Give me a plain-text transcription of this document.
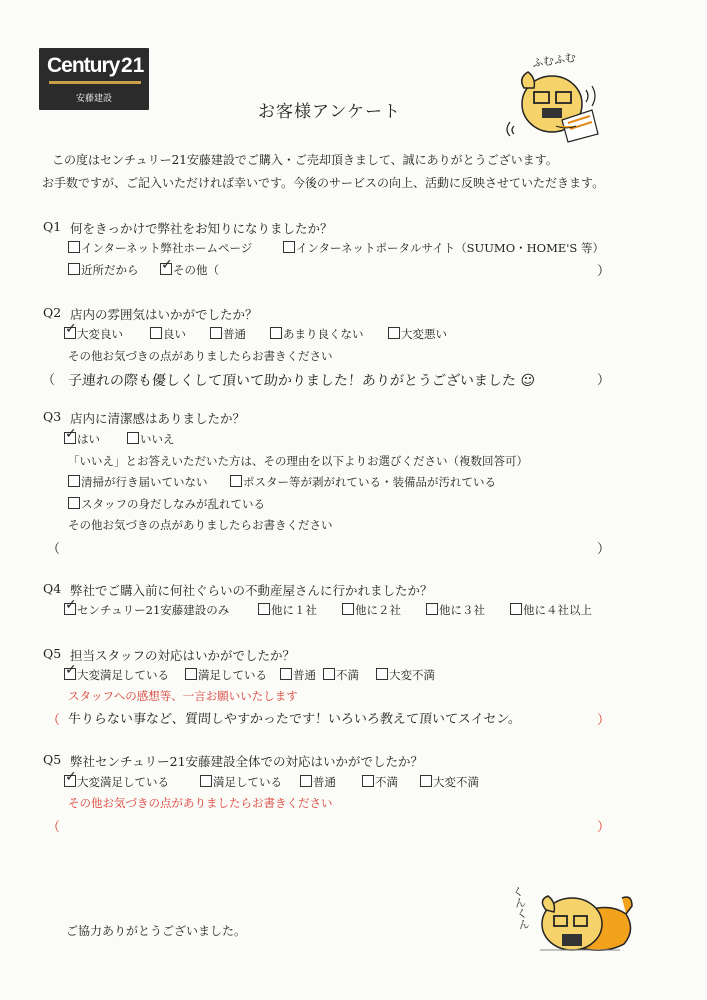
Century 21
安藤建設
ふむふむ
お客様アンケート
この度はセンチュリー21安藤建設でご購入・ご売却頂きまして、誠にありがとうございます。
お手数ですが、ご記入いただければ幸いです。今後のサービスの向上、活動に反映させていただきます。
Q1 何をきっかけで弊社をお知りになりましたか？
インターネット弊社ホームページ	インターネットポータルサイト（SUUMO・HOME'S 等）
近所だから
✓	その他（	）
Q2 店内の雰囲気はいかがでしたか？
✓大変良い	良い	普通	あまり良くない	大変悪い
その他お気づきの点がありましたらお書きください
（ 子連れの際も優しくして頂いて助かりました！ありがとうございました ☺	）
Q3 店内に清潔感はありましたか？
✓はい	いいえ
「いいえ」とお答えいただいた方は、その理由を以下よりお選びください（複数回答可）
清掃が行き届いていない	ポスター等が剥がれている・装備品が汚れている
スタッフの身だしなみが乱れている
その他お気づきの点がありましたらお書きください
（	）
Q4 弊社でご購入前に何社ぐらいの不動産屋さんに行かれましたか？
✓センチュリー21安藤建設のみ	他に１社	他に２社	他に３社	他に４社以上
Q5 担当スタッフの対応はいかがでしたか？
✓大変満足している	満足している	普通	不満	大変不満
スタッフへの感想等、一言お願いいたします
（ 牛りらない事など、質問しやすかったです！いろいろ教えて頂いてスイセン。	）
Q5 弊社センチュリー21安藤建設全体での対応はいかがでしたか？
✓大変満足している	満足している	普通	不満	大変不満
その他お気づきの点がありましたらお書きください
（	）
ご協力ありがとうございました。
くんくん
